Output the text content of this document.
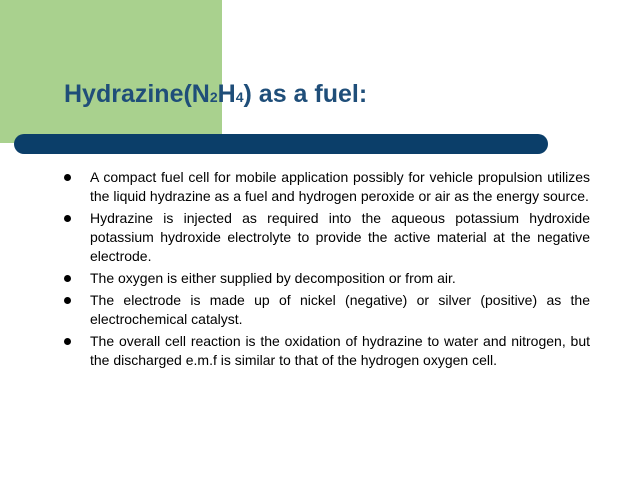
Hydrazine(N2H4) as a fuel:
A compact fuel cell for mobile application possibly for vehicle propulsion utilizes the liquid hydrazine as a fuel and hydrogen peroxide or air as the energy source.
Hydrazine is injected as required into the aqueous potassium hydroxide potassium hydroxide electrolyte to provide the active material at the negative electrode.
The oxygen is either supplied by decomposition or from air.
The electrode is made up of nickel (negative) or silver (positive) as the electrochemical catalyst.
The overall cell reaction is the oxidation of hydrazine to water and nitrogen, but the discharged e.m.f is similar to that of the hydrogen oxygen cell.
